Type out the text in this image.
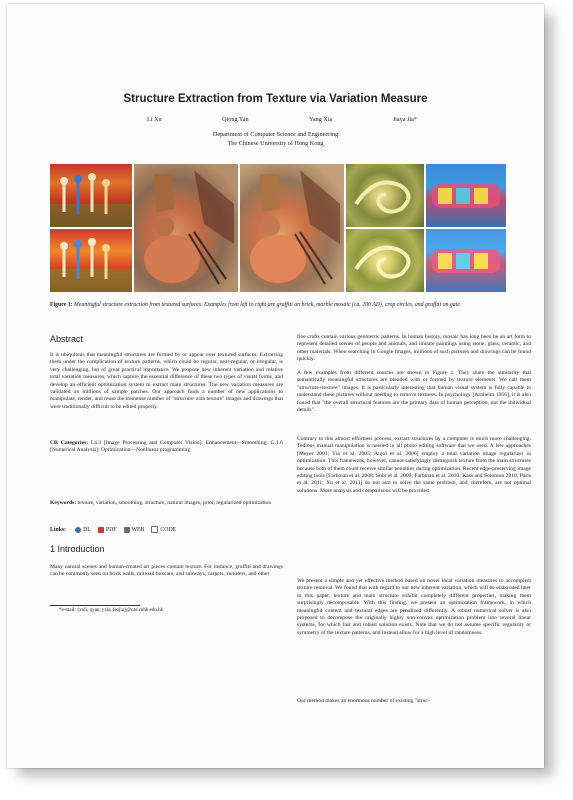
Structure Extraction from Texture via Variation Measure
Li Xu	Qiong Yan	Yang Xia	Jiaya Jia*
Department of Computer Science and Engineering
The Chinese University of Hong Kong
Figure 1: Meaningful structure extraction from textured surfaces. Examples from left to right are graffiti on brick, marble mosaic (ca. 200 AD), crop circles, and graffiti on gate.
Abstract
It is ubiquitous that meaningful structures are formed by or appear over textured surfaces. Extracting them under the complication of texture patterns, which could be regular, near-regular, or irregular, is very challenging, but of great practical importance. We propose new inherent variation and relative total variation measures, which capture the essential difference of these two types of visual forms, and develop an efficient optimization system to extract main structures. The new variation measures are validated on millions of sample patches. Our approach finds a number of new applications to manipulate, render, and reuse the immense number of "structure with texture" images and drawings that were traditionally difficult to be edited properly.
CR Categories: I.4.3 [Image Processing and Computer Vision]: Enhancement—Smoothing; G.1.6 [Numerical Analysis]: Optimization—Nonlinear programming
Keywords: texture, variation, smoothing, structure, natural images, prior, regularized optimization
Links:	DL	PDF	WEB	CODE
1 Introduction
Many natural scenes and human-created art pieces contain texture. For instance, graffiti and drawings can be commonly seen on brick walls, railroad boxcars, and subways; carpets, sweaters, and other
*e-mail: {xuli, qyan, yxia, leojia}@cse.cuhk.edu.hk
fine crafts contain various geometric patterns. In human history, mosaic has long been be an art form to represent detailed scenes of people and animals, and imitate paintings using stone, glass, ceramic, and other materials. When searching in Google Images, millions of such pictures and drawings can be found quickly.
A few examples from different sources are shown in Figure 1. They share the similarity that semantically meaningful structures are blended with or formed by texture elements. We call them "structure+texture" images. It is particularly interesting that human visual system is fully capable to understand these pictures without needing to remove textures. In psychology [Arnheim 1956], it is also found that "the overall structural features are the primary data of human perception, not the individual details".
Contrary to this almost effortless process, extract structures by a computer is much more challenging. Tedious manual manipulation is needed in all photo editing software that we used. A few approaches [Meyer 2001; Yin et al. 2005; Aujol et al. 2006] employ a total variation image regularizer in optimization. This framework, however, cannot satisfyingly distinguish texture from the main structures because both of them could receive similar penalties during optimization. Recent edge-preserving image editing tools [Farbman et al. 2008; Subr et al. 2009; Farbman et al. 2010; Kass and Solomon 2010; Paris et al. 2011; Xu et al. 2011] do not aim to solve the same problem, and, therefore, are not optimal solutions. More analysis and comparisons will be provided.
We present a simple and yet effective method based on novel local variation measures to accomplish texture removal. We found that with regard to our new inherent variation, which will be elaborated later in this paper, texture and main structure exhibit completely different properties, making them surprisingly decomposable. With this finding, we present an optimization framework, in which meaningful content and textural edges are penalized differently. A robust numerical solver is also proposed to decompose the originally highly non-convex optimization problem into several linear systems, for which fast and robust solution exists. Note that we do not assume specific regularity or symmetry of the texture patterns, and instead allow for a high level of randomness.
Our method makes an enormous number of existing "struc-
